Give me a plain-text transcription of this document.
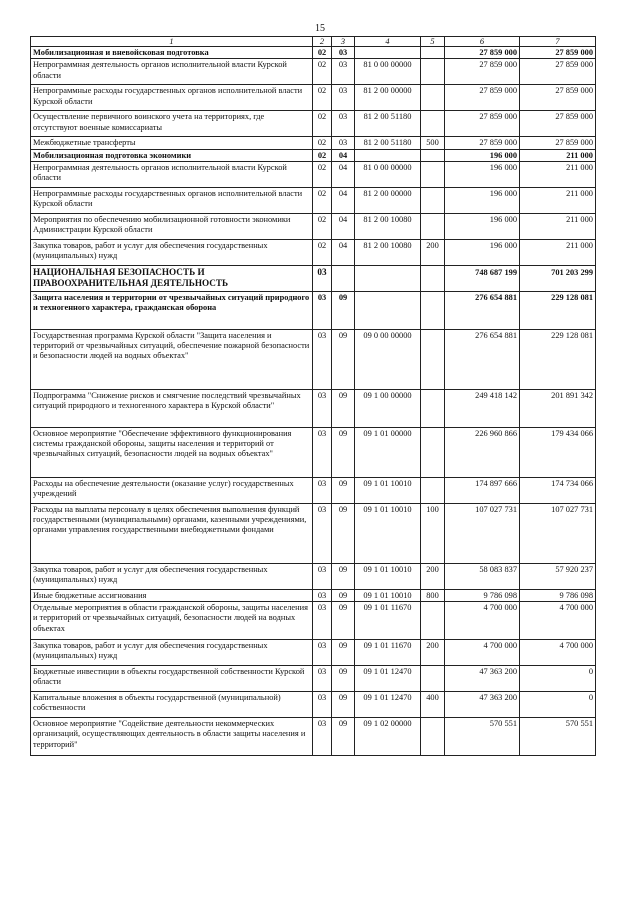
15
1	2	3	4	5	6	7
Мобилизационная и вневойсковая подготовка	02	03			27 859 000	27 859 000
Непрограммная деятельность органов исполнительной власти Курской области	02	03	81 0 00 00000		27 859 000	27 859 000
Непрограммные расходы государственных органов исполнительной власти Курской области	02	03	81 2 00 00000		27 859 000	27 859 000
Осуществление первичного воинского учета на территориях, где отсутствуют военные комиссариаты	02	03	81 2 00 51180		27 859 000	27 859 000
Межбюджетные трансферты	02	03	81 2 00 51180	500	27 859 000	27 859 000
Мобилизационная подготовка экономики	02	04			196 000	211 000
Непрограммная деятельность органов исполнительной власти Курской области	02	04	81 0 00 00000		196 000	211 000
Непрограммные расходы государственных органов исполнительной власти Курской области	02	04	81 2 00 00000		196 000	211 000
Мероприятия по обеспечению мобилизационной готовности экономики Администрации Курской области	02	04	81 2 00 10080		196 000	211 000
Закупка товаров, работ и услуг для обеспечения государственных (муниципальных) нужд	02	04	81 2 00 10080	200	196 000	211 000
НАЦИОНАЛЬНАЯ БЕЗОПАСНОСТЬ И ПРАВООХРАНИТЕЛЬНАЯ ДЕЯТЕЛЬНОСТЬ	03				748 687 199	701 203 299
Защита населения и территории от чрезвычайных ситуаций природного и техногенного характера, гражданская оборона	03	09			276 654 881	229 128 081
Государственная программа Курской области "Защита населения и территорий от чрезвычайных ситуаций, обеспечение пожарной безопасности и безопасности людей на водных объектах"	03	09	09 0 00 00000		276 654 881	229 128 081
Подпрограмма "Снижение рисков и смягчение последствий чрезвычайных ситуаций природного и техногенного характера в Курской области"	03	09	09 1 00 00000		249 418 142	201 891 342
Основное мероприятие "Обеспечение эффективного функционирования системы гражданской обороны, защиты населения и территорий от чрезвычайных ситуаций, безопасности людей на водных объектах"	03	09	09 1 01 00000		226 960 866	179 434 066
Расходы на обеспечение деятельности (оказание услуг) государственных учреждений	03	09	09 1 01 10010		174 897 666	174 734 066
Расходы на выплаты персоналу в целях обеспечения выполнения функций государственными (муниципальными) органами, казенными учреждениями, органами управления государственными внебюджетными фондами	03	09	09 1 01 10010	100	107 027 731	107 027 731
Закупка товаров, работ и услуг для обеспечения государственных (муниципальных) нужд	03	09	09 1 01 10010	200	58 083 837	57 920 237
Иные бюджетные ассигнования	03	09	09 1 01 10010	800	9 786 098	9 786 098
Отдельные мероприятия в области гражданской обороны, защиты населения и территорий от чрезвычайных ситуаций, безопасности людей на водных объектах	03	09	09 1 01 11670		4 700 000	4 700 000
Закупка товаров, работ и услуг для обеспечения государственных (муниципальных) нужд	03	09	09 1 01 11670	200	4 700 000	4 700 000
Бюджетные инвестиции в объекты государственной собственности Курской области	03	09	09 1 01 12470		47 363 200	0
Капитальные вложения в объекты государственной (муниципальной) собственности	03	09	09 1 01 12470	400	47 363 200	0
Основное мероприятие "Содействие деятельности некоммерческих организаций, осуществляющих деятельность в области защиты населения и территорий"	03	09	09 1 02 00000		570 551	570 551
